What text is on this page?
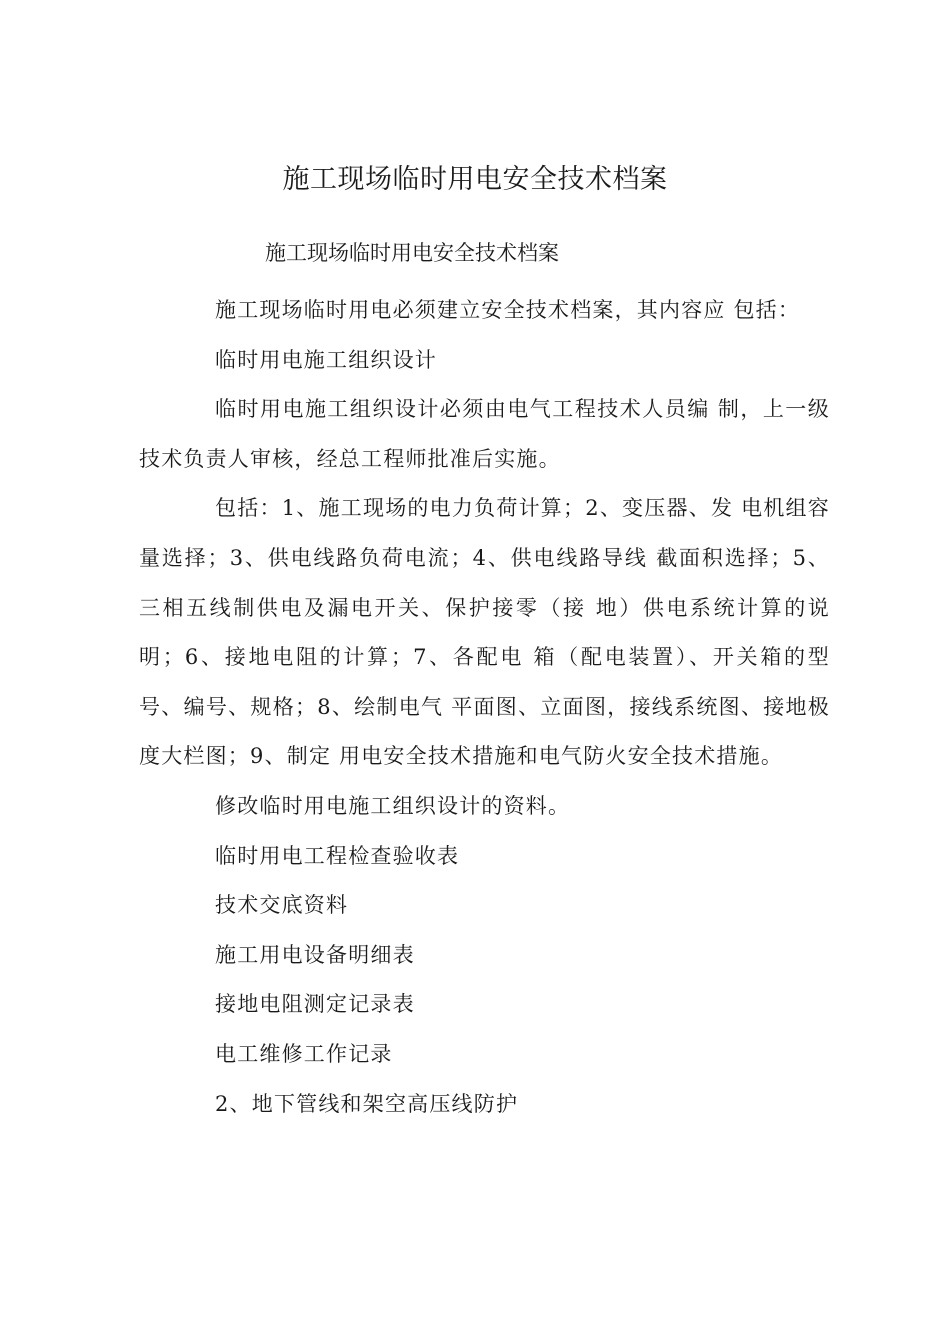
施工现场临时用电安全技术档案

施工现场临时用电安全技术档案

施工现场临时用电必须建立安全技术档案，其内容应 包括：

临时用电施工组织设计

临时用电施工组织设计必须由电气工程技术人员编 制，上一级技术负责人审核，经总工程师批准后实施。

包括：1、施工现场的电力负荷计算；2、变压器、发 电机组容量选择；3、供电线路负荷电流；4、供电线路导线 截面积选择；5、三相五线制供电及漏电开关、保护接零（接 地）供电系统计算的说明；6、接地电阻的计算；7、各配电 箱（配电装置）、开关箱的型号、编号、规格；8、绘制电气 平面图、立面图，接线系统图、接地极度大栏图；9、制定 用电安全技术措施和电气防火安全技术措施。

修改临时用电施工组织设计的资料。

临时用电工程检查验收表

技术交底资料

施工用电设备明细表

接地电阻测定记录表

电工维修工作记录

2、地下管线和架空高压线防护
